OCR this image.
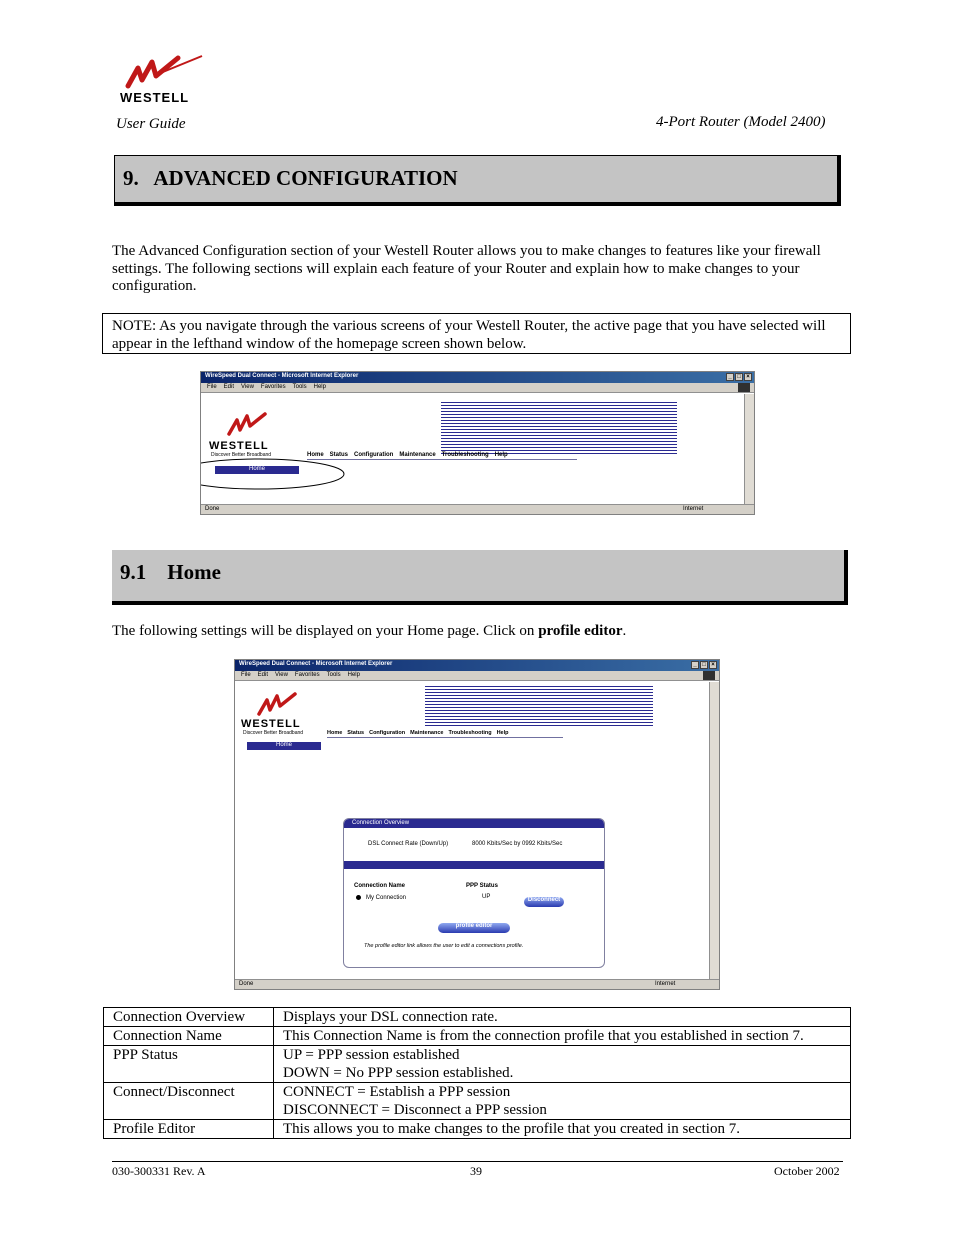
WESTELL
User Guide	4-Port Router (Model 2400)
9.   ADVANCED CONFIGURATION
The Advanced Configuration section of your Westell Router allows you to make changes to features like your firewall settings. The following sections will explain each feature of your Router and explain how to make changes to your configuration.
NOTE: As you navigate through the various screens of your Westell Router, the active page that you have selected will appear in the lefthand window of the homepage screen shown below.
WireSpeed Dual Connect - Microsoft Internet Explorer	_ □ ×
File Edit View Favorites Tools Help
WESTELL
Discover Better Broadband	Home Status Configuration Maintenance Troubleshooting Help
Home
Done	Internet
9.1    Home
The following settings will be displayed on your Home page. Click on profile editor.
WireSpeed Dual Connect - Microsoft Internet Explorer	_ □ ×
File Edit View Favorites Tools Help
WESTELL
Discover Better Broadband	Home Status Configuration Maintenance Troubleshooting Help
Home
Connection Overview
DSL Connect Rate (Down/Up)	8000 Kbits/Sec by 0992 Kbits/Sec
Connection Name	PPP Status
My Connection	UP	Disconnect
profile editor
The profile editor link allows the user to edit a connections profile.
Done	Internet
Connection Overview	Displays your DSL connection rate.

Connection Name	This Connection Name is from the connection profile that you established in section 7.

PPP Status	UP = PPP session established
DOWN = No PPP session established.

Connect/Disconnect	CONNECT = Establish a PPP session
DISCONNECT = Disconnect a PPP session

Profile Editor	This allows you to make changes to the profile that you created in section 7.
030-300331 Rev. A	39	October 2002
